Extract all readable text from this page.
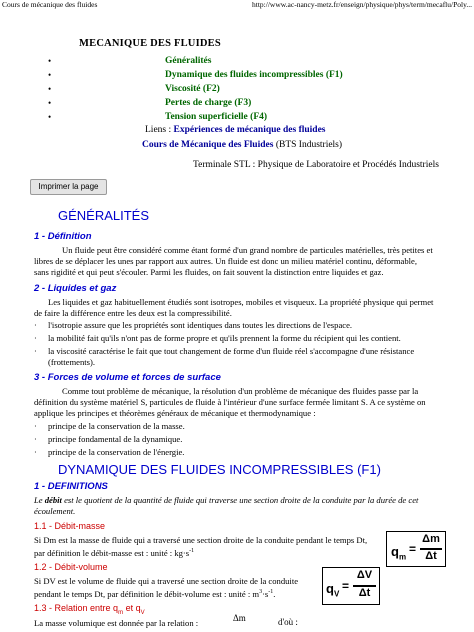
Cours de mécanique des fluides	http://www.ac-nancy-metz.fr/enseign/physique/phys/term/mecaflu/Poly...
MECANIQUE DES FLUIDES
•	Généralités
•	Dynamique des fluides incompressibles (F1)
•	Viscosité (F2)
•	Pertes de charge (F3)
•	Tension superficielle (F4)
Liens : Expériences de mécanique des fluides
Cours de Mécanique des Fluides (BTS Industriels)
Terminale STL : Physique de Laboratoire et Procédés Industriels
Imprimer la page
GÉNÉRALITÉS
1 - Définition
Un fluide peut être considéré comme étant formé d'un grand nombre de particules matérielles, très petites et
libres de se déplacer les unes par rapport aux autres. Un fluide est donc un milieu matériel continu, déformable,
sans rigidité et qui peut s'écouler. Parmi les fluides, on fait souvent la distinction entre liquides et gaz.
2 - Liquides et gaz
Les liquides et gaz habituellement étudiés sont isotropes, mobiles et visqueux. La propriété physique qui permet
de faire la différence entre les deux est la compressibilité.
· l'isotropie assure que les propriétés sont identiques dans toutes les directions de l'espace.
· la mobilité fait qu'ils n'ont pas de forme propre et qu'ils prennent la forme du récipient qui les contient.
· la viscosité caractérise le fait que tout changement de forme d'un fluide réel s'accompagne d'une résistance
(frottements).
3 - Forces de volume et forces de surface
Comme tout problème de mécanique, la résolution d'un problème de mécanique des fluides passe par la
définition du système matériel S, particules de fluide à l'intérieur d'une surface fermée limitant S. A ce système on
applique les principes et théorèmes généraux de mécanique et thermodynamique :
· principe de la conservation de la masse.
· principe fondamental de la dynamique.
· principe de la conservation de l'énergie.
DYNAMIQUE DES FLUIDES INCOMPRESSIBLES (F1)
1 - DEFINITIONS
Le débit est le quotient de la quantité de fluide qui traverse une section droite de la conduite par la durée de cet
écoulement.
1.1 - Débit-masse
Si Dm est la masse de fluide qui a traversé une section droite de la conduite pendant le temps Dt,
par définition le débit-masse est : unité : $kg\cdot s^{-1}$	$q_m$
=
Δm
Δt
1.2 - Débit-volume
Si DV est le volume de fluide qui a traversé une section droite de la conduite
pendant le temps Dt, par définition le débit-volume est : unité : $m^3\cdot s^{-1}$.	$q_V$
=
ΔV
Δt
1.3 - Relation entre $q_m$ et $q_V$
La masse volumique est donnée par la relation :	Δm	d'où :
